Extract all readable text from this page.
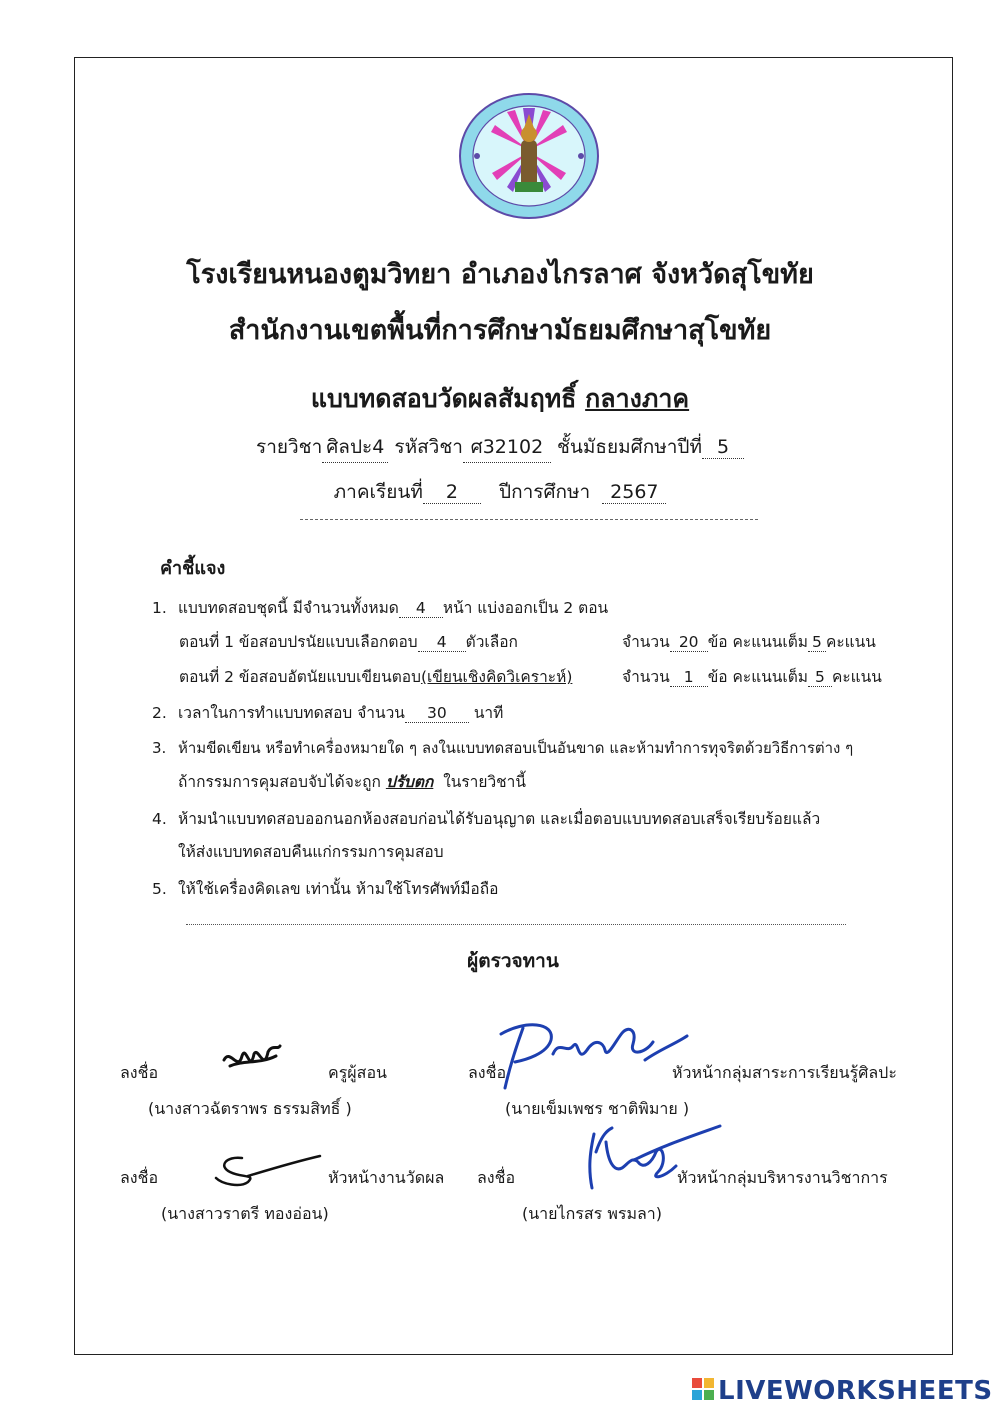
โรงเรียนหนองตูมวิทยา อำเภองไกรลาศ จังหวัดสุโขทัย
สำนักงานเขตพื้นที่การศึกษามัธยมศึกษาสุโขทัย
แบบทดสอบวัดผลสัมฤทธิ์ กลางภาค
รายวิชา ศิลปะ4 รหัสวิชา ศ32102 ชั้นมัธยมศึกษาปีที่ 5
ภาคเรียนที่ 2 ปีการศึกษา 2567
คำชี้แจง
1. แบบทดสอบชุดนี้ มีจำนวนทั้งหมด 4 หน้า แบ่งออกเป็น 2 ตอน
ตอนที่ 1 ข้อสอบปรนัยแบบเลือกตอบ 4 ตัวเลือก	จำนวน 20 ข้อ คะแนนเต็ม 5 คะแนน
ตอนที่ 2 ข้อสอบอัตนัยแบบเขียนตอบ(เขียนเชิงคิดวิเคราะห์)	จำนวน 1 ข้อ คะแนนเต็ม 5 คะแนน
2. เวลาในการทำแบบทดสอบ จำนวน 30 นาที
3. ห้ามขีดเขียน หรือทำเครื่องหมายใด ๆ ลงในแบบทดสอบเป็นอันขาด และห้ามทำการทุจริตด้วยวิธีการต่าง ๆ
ถ้ากรรมการคุมสอบจับได้จะถูก ปรับตก ในรายวิชานี้
4. ห้ามนำแบบทดสอบออกนอกห้องสอบก่อนได้รับอนุญาต และเมื่อตอบแบบทดสอบเสร็จเรียบร้อยแล้ว
ให้ส่งแบบทดสอบคืนแก่กรรมการคุมสอบ
5. ให้ใช้เครื่องคิดเลข เท่านั้น ห้ามใช้โทรศัพท์มือถือ
ผู้ตรวจทาน
ลงชื่อ	ครูผู้สอน
(นางสาวฉัตราพร ธรรมสิทธิ์ )
ลงชื่อ	หัวหน้ากลุ่มสาระการเรียนรู้ศิลปะ
(นายเข็มเพชร ชาติพิมาย )
ลงชื่อ	หัวหน้างานวัดผล
(นางสาวราตรี ทองอ่อน)
ลงชื่อ	หัวหน้ากลุ่มบริหารงานวิชาการ
(นายไกรสร พรมลา)
LIVEWORKSHEETS
